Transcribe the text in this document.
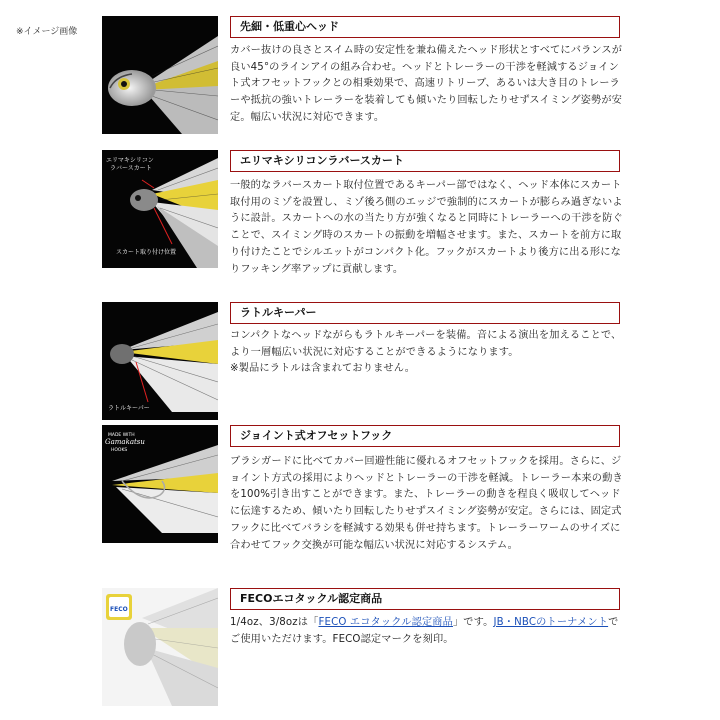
※イメージ画像	先細・低重心ヘッド

カバー抜けの良さとスイム時の安定性を兼ね備えたヘッド形状とすべてにバランスが良い45°のラインアイの組み合わせ。ヘッドとトレーラーの干渉を軽減するジョイント式オフセットフックとの相乗効果で、高速リトリーブ、あるいは大き目のトレーラーや抵抗の強いトレーラーを装着しても傾いたり回転したりせずスイミング姿勢が安定。幅広い状況に対応できます。

エリマキシリコン
ラバースカート
スカート取り付け位置
エリマキシリコンラバースカート

一般的なラバースカート取付位置であるキーパー部ではなく、ヘッド本体にスカート取付用のミゾを設置し、ミゾ後ろ側のエッジで強制的にスカートが膨らみ過ぎないように設計。スカートへの水の当たり方が強くなると同時にトレーラーへの干渉を防ぐことで、スイミング時のスカートの振動を増幅させます。また、スカートを前方に取り付けたことでシルエットがコンパクト化。フックがスカートより後方に出る形になりフッキング率アップに貢献します。

ラトルキーパー
ラトルキーパー

コンパクトなヘッドながらもラトルキーパーを装備。音による演出を加えることで、より一層幅広い状況に対応することができるようになります。
※製品にラトルは含まれておりません。

MADE WITH
Gamakatsu
HOOKS
ジョイント式オフセットフック

ブラシガードに比べてカバー回避性能に優れるオフセットフックを採用。さらに、ジョイント方式の採用によりヘッドとトレーラーの干渉を軽減。トレーラー本来の動きを100%引き出すことができます。また、トレーラーの動きを程良く吸収してヘッドに伝達するため、傾いたり回転したりせずスイミング姿勢が安定。さらには、固定式フックに比べてバラシを軽減する効果も併せ持ちます。トレーラーワームのサイズに合わせてフック交換が可能な幅広い状況に対応するシステム。

FECO
FECOエコタックル認定商品

1/4oz、3/8ozは「FECO エコタックル認定商品」です。JB・NBCのトーナメントでご使用いただけます。FECO認定マークを刻印。
